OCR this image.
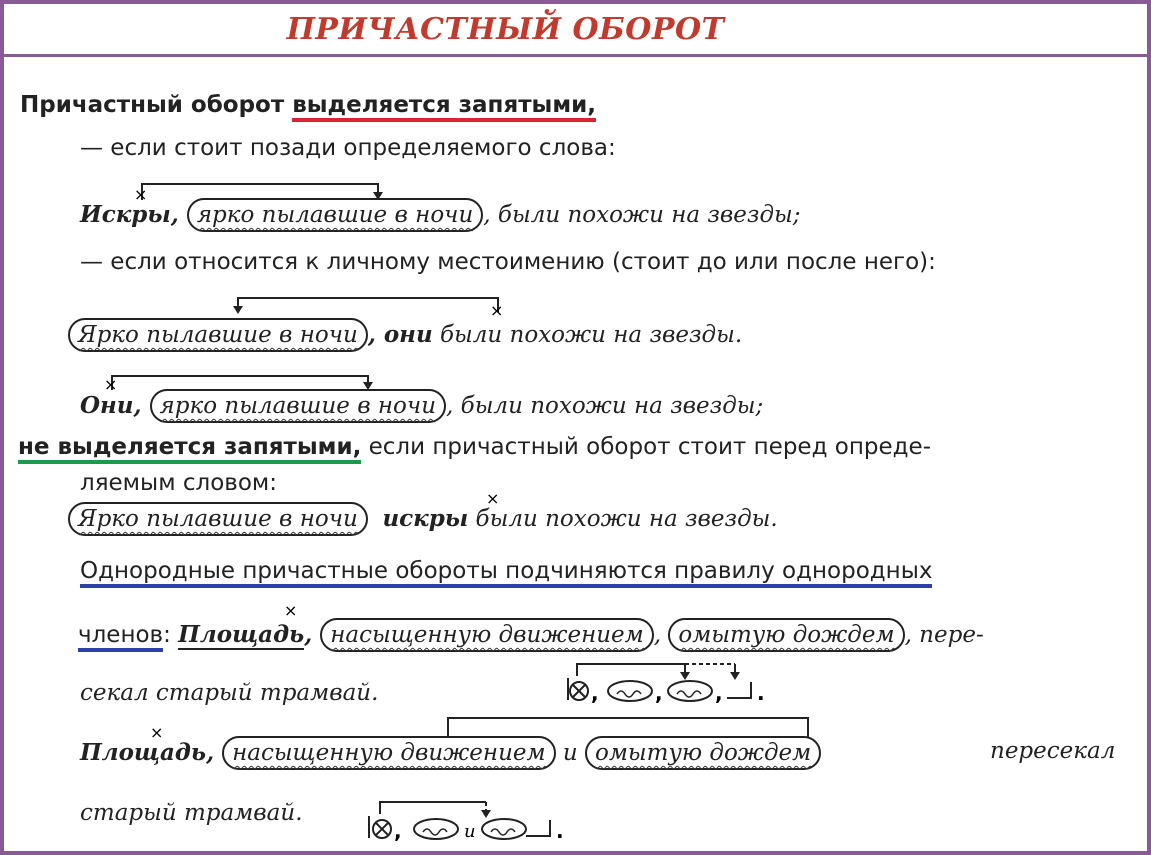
ПРИЧАСТНЫЙ ОБОРОТ
Причастный оборот выделяется запятыми,
— если стоит позади определяемого слова:
×
Искры, ярко пылавшие в ночи , были похожи на звезды;
— если относится к личному местоимению (стоит до или после него):
×
Ярко пылавшие в ночи , они были похожи на звезды.
×
Они, ярко пылавшие в ночи , были похожи на звезды;
не выделяется запятыми, если причастный оборот стоит перед опреде-
ляемым словом:
Ярко пылавшие в ночи искры были похожи на звезды.
×
Однородные причастные обороты подчиняются правилу однородных
×
членов: Площадь, насыщенную движением , омытую дождем , пере-
секал старый трамвай.	,	,	, .
×
Площадь, насыщенную движением и омытую дождем	пересекал
старый трамвай.
,	и	.
